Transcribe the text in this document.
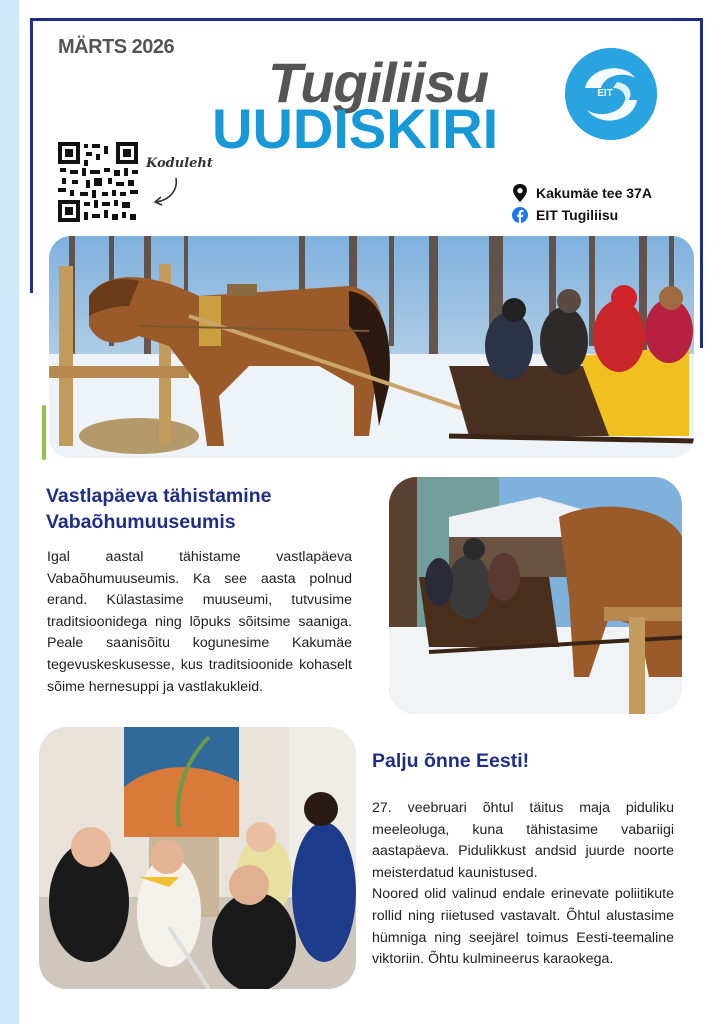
MÄRTS 2026
Tugiliisu
UUDISKIRI
EIT
Koduleht
Kakumäe tee 37A
EIT Tugiliisu
Vastlapäeva tähistamine Vabaõhumuuseumis

Igal aastal tähistame vastlapäeva Vabaõhumuuseumis. Ka see aasta polnud erand. Külastasime muuseumi, tutvusime traditsioonidega ning lõpuks sõitsime saaniga. Peale saanisõitu kogunesime Kakumäe tegevuskeskusesse, kus traditsioonide kohaselt sõime hernesuppi ja vastlakukleid.

Palju õnne Eesti!

27. veebruari õhtul täitus maja piduliku meeleoluga, kuna tähistasime vabariigi aastapäeva. Pidulikkust andsid juurde noorte meisterdatud kaunistused.

Noored olid valinud endale erinevate poliitikute rollid ning riietused vastavalt. Õhtul alustasime hümniga ning seejärel toimus Eesti-teemaline viktoriin. Õhtu kulmineerus karaokega.
